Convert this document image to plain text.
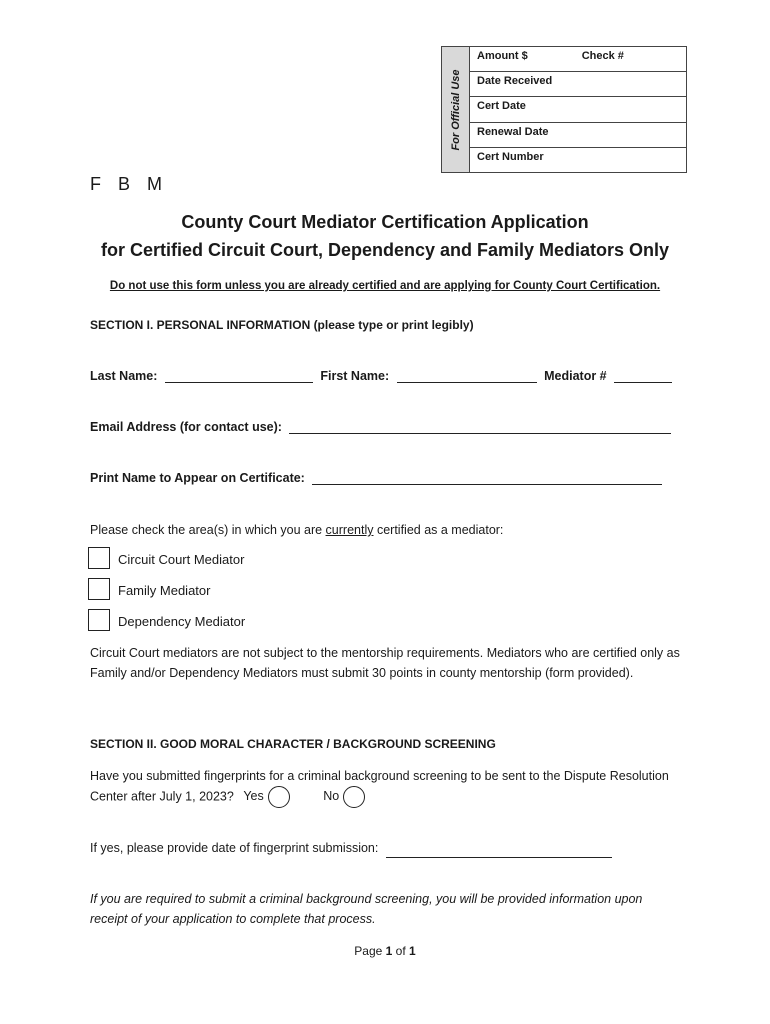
For Official Use
Amount $	Check #
Date Received
Cert Date
Renewal Date
Cert Number
F B M
County Court Mediator Certification Application
for Certified Circuit Court, Dependency and Family Mediators Only
Do not use this form unless you are already certified and are applying for County Court Certification.
SECTION I. PERSONAL INFORMATION (please type or print legibly)
Last Name:	First Name:	Mediator #
Email Address (for contact use):
Print Name to Appear on Certificate:
Please check the area(s) in which you are currently certified as a mediator:
Circuit Court Mediator
Family Mediator
Dependency Mediator
Circuit Court mediators are not subject to the mentorship requirements. Mediators who are certified only as Family and/or Dependency Mediators must submit 30 points in county mentorship (form provided).
SECTION II. GOOD MORAL CHARACTER / BACKGROUND SCREENING
Have you submitted fingerprints for a criminal background screening to be sent to the Dispute Resolution Center after July 1, 2023? Yes	No
If yes, please provide date of fingerprint submission:
If you are required to submit a criminal background screening, you will be provided information upon receipt of your application to complete that process.
Page 1 of 1
